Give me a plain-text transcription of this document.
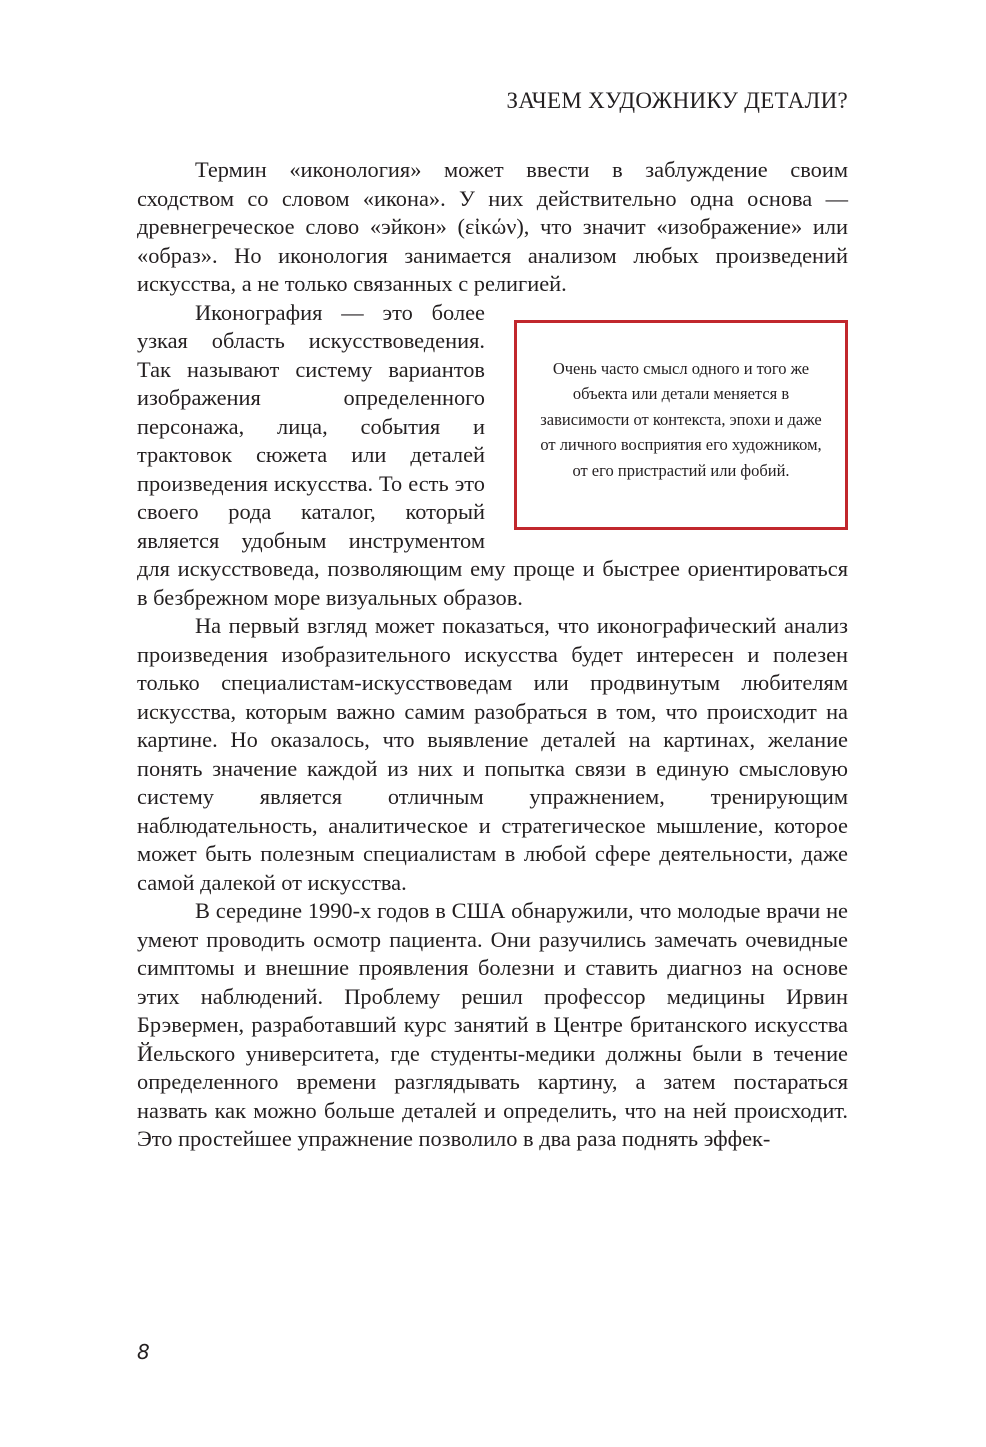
ЗАЧЕМ ХУДОЖНИКУ ДЕТАЛИ?

Термин «иконология» может ввести в заблуждение своим сходством со словом «икона». У них действительно одна основа — древнегреческое слово «эйкон» (εἰκών), что значит «изображение» или «образ». Но иконология занимается анализом любых произведений искусства, а не только связанных с религией.

Очень часто смысл одного и того же объекта или детали меняется в зависимости от контекста, эпохи и даже от личного восприятия его художником, от его пристрастий или фобий.

Иконография — это более узкая область искусствоведения. Так называют систему вариантов изображения определенного персонажа, лица, события и трактовок сюжета или деталей произведения искусства. То есть это своего рода каталог, который является удобным инструментом для искусствоведа, позволяющим ему проще и быстрее ориентироваться в безбрежном море визуальных образов.

На первый взгляд может показаться, что иконографический анализ произведения изобразительного искусства будет интересен и полезен только специалистам-искусствоведам или продвинутым любителям искусства, которым важно самим разобраться в том, что происходит на картине. Но оказалось, что выявление деталей на картинах, желание понять значение каждой из них и попытка связи в единую смысловую систему является отличным упражнением, тренирующим наблюдательность, аналитическое и стратегическое мышление, которое может быть полезным специалистам в любой сфере деятельности, даже самой далекой от искусства.

В середине 1990-х годов в США обнаружили, что молодые врачи не умеют проводить осмотр пациента. Они разучились замечать очевидные симптомы и внешние проявления болезни и ставить диагноз на основе этих наблюдений. Проблему решил профессор медицины Ирвин Брэвермен, разработавший курс занятий в Центре британского искусства Йельского университета, где студенты-медики должны были в течение определенного времени разглядывать картину, а затем постараться назвать как можно больше деталей и определить, что на ней происходит. Это простейшее упражнение позволило в два раза поднять эффек-

8
